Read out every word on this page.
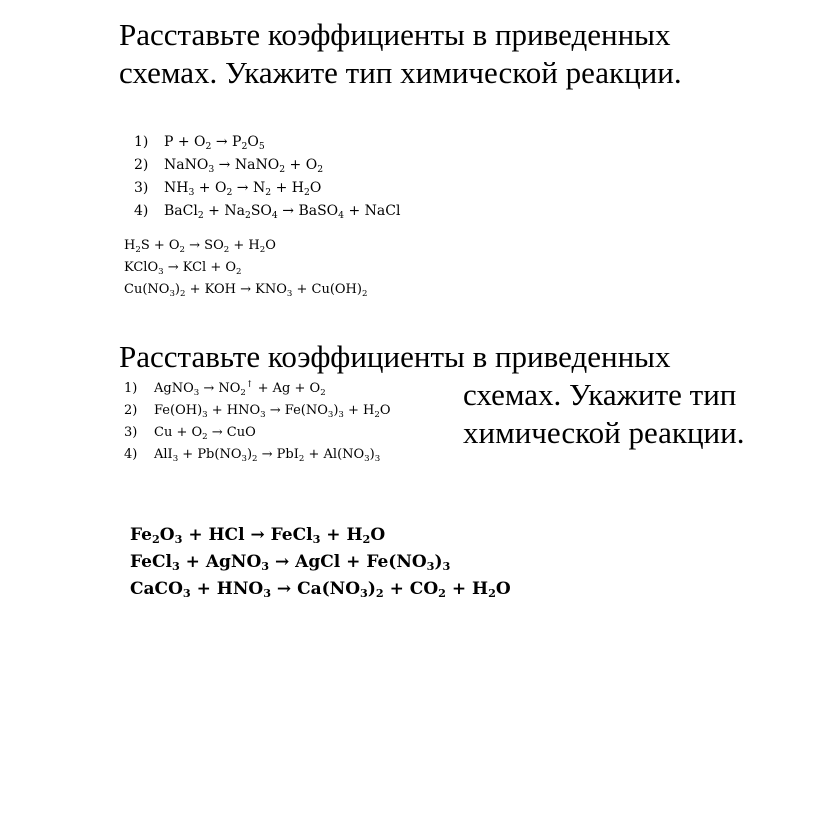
Расставьте коэффициенты в приведенных
схемах. Укажите тип химической реакции.
1) $P + O_2 \to P_2O_5$
2) NaNO$_3$ → NaNO$_2$ + $O_2$
3) $NH_3 + O_2 \to N_2 + H_2O$
4) BaCl$_2$ + $Na_2SO_4$ → BaSO$_4$ + NaCl
$H_2S + O_2 \to SO_2 + H_2O$
KClO$_3$ → KCl + $O_2$
$Cu(NO_3)_2$ + KOH → $KNO_3 + Cu(OH)_2$
Расставьте коэффициенты в приведенных
схемах. Укажите тип
химической реакции.
1) AgNO$_3$ → $NO_2^↑ + Ag + O_2$
2) $Fe(OH)_3 + HNO_3 \to Fe(NO_3)_3 + H_2O$
3) $Cu + O_2$ → CuO
4) $AlI_3 + Pb(NO_3)_2 \to PbI_2 + Al(NO_3)_3$
$Fe_2O_3$ + HCl → FeCl$_3$ + $H_2O$
FeCl$_3$ + AgNO$_3$ → AgCl + $Fe(NO_3)_3$
CaCO$_3$ + $HNO_3 \to Ca(NO_3)_2 + CO_2 + H_2O$
